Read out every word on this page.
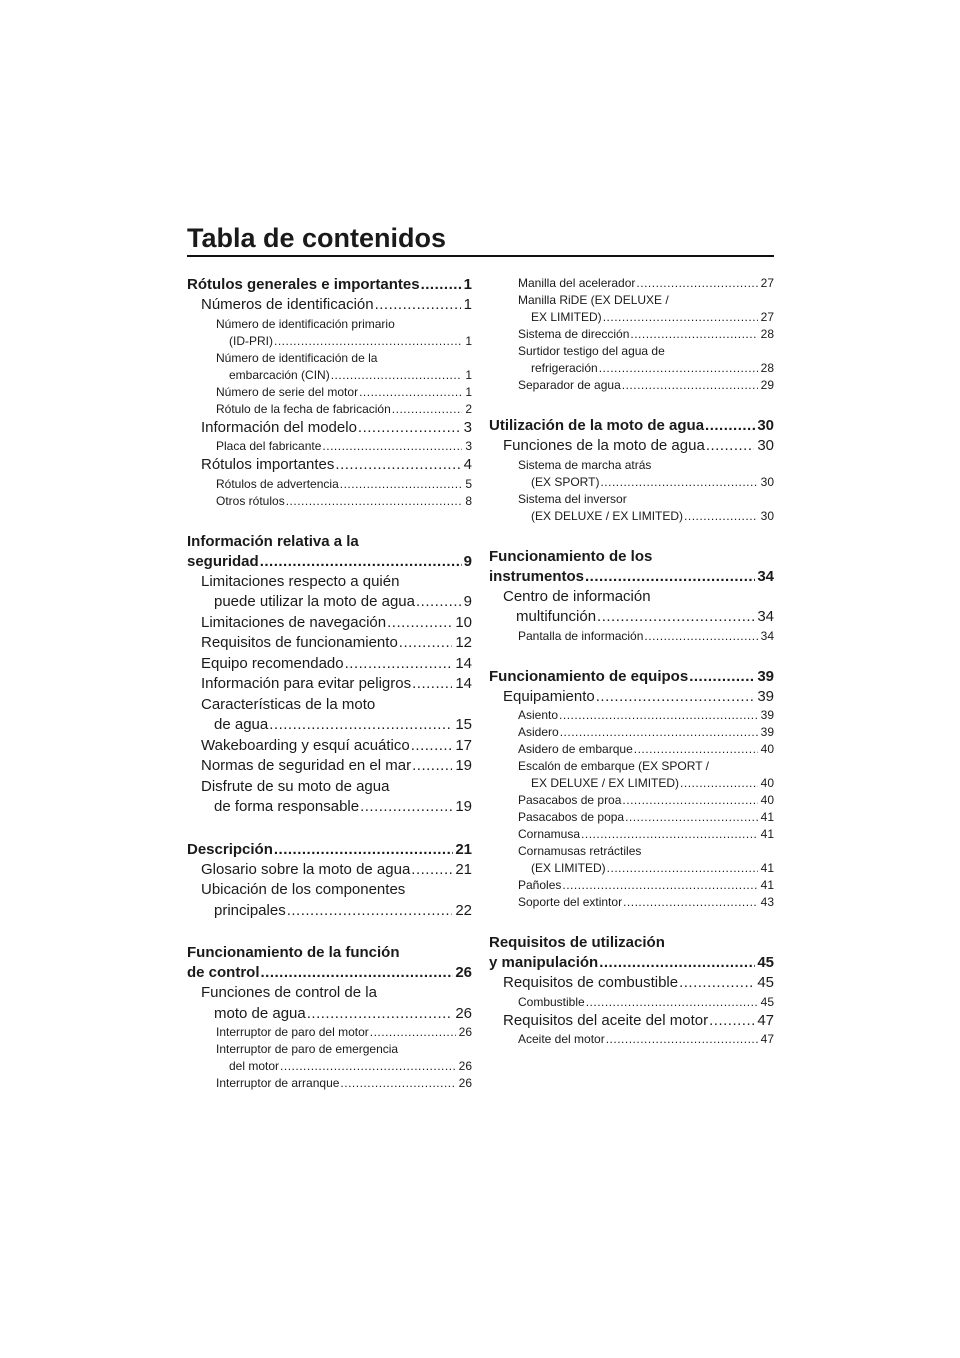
Tabla de contenidos
Rótulos generales e importantes .....	1
Números de identificación .....	1
Número de identificación primario
(ID-PRI) .....	1
Número de identificación de la
embarcación (CIN) .....	1
Número de serie del motor .....	1
Rótulo de la fecha de fabricación .....	2
Información del modelo .....	3
Placa del fabricante .....	3
Rótulos importantes .....	4
Rótulos de advertencia .....	5
Otros rótulos .....	8
Información relativa a la
seguridad .....	9
Limitaciones respecto a quién
puede utilizar la moto de agua .....	9
Limitaciones de navegación .....	10
Requisitos de funcionamiento .....	12
Equipo recomendado .....	14
Información para evitar peligros .....	14
Características de la moto
de agua .....	15
Wakeboarding y esquí acuático .....	17
Normas de seguridad en el mar .....	19
Disfrute de su moto de agua
de forma responsable .....	19
Descripción .....	21
Glosario sobre la moto de agua .....	21
Ubicación de los componentes
principales .....	22
Funcionamiento de la función
de control .....	26
Funciones de control de la
moto de agua .....	26
Interruptor de paro del motor .....	26
Interruptor de paro de emergencia
del motor .....	26
Interruptor de arranque .....	26
Manilla del acelerador .....	27
Manilla RiDE (EX DELUXE /
EX LIMITED) .....	27
Sistema de dirección .....	28
Surtidor testigo del agua de
refrigeración .....	28
Separador de agua .....	29
Utilización de la moto de agua .....	30
Funciones de la moto de agua .....	30
Sistema de marcha atrás
(EX SPORT) .....	30
Sistema del inversor
(EX DELUXE / EX LIMITED) .....	30
Funcionamiento de los
instrumentos .....	34
Centro de información
multifunción .....	34
Pantalla de información .....	34
Funcionamiento de equipos .....	39
Equipamiento .....	39
Asiento .....	39
Asidero .....	39
Asidero de embarque .....	40
Escalón de embarque (EX SPORT /
EX DELUXE / EX LIMITED) .....	40
Pasacabos de proa .....	40
Pasacabos de popa .....	41
Cornamusa .....	41
Cornamusas retráctiles
(EX LIMITED) .....	41
Pañoles .....	41
Soporte del extintor .....	43
Requisitos de utilización
y manipulación .....	45
Requisitos de combustible .....	45
Combustible .....	45
Requisitos del aceite del motor .....	47
Aceite del motor .....	47
